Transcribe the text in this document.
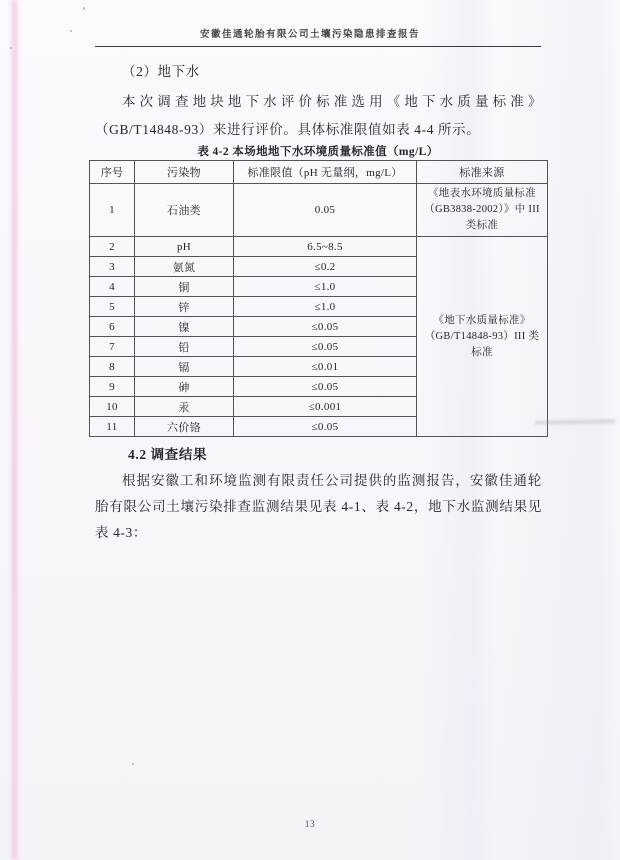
安徽佳通轮胎有限公司土壤污染隐患排查报告
（2）地下水

本次调查地块地下水评价标准选用《地下水质量标准》（GB/T14848-93）来进行评价。具体标准限值如表 4-4 所示。

表 4-2 本场地地下水环境质量标准值（mg/L）
序号	污染物	标准限值（pH 无量纲，mg/L）	标准来源
1	石油类	0.05	《地表水环境质量标准（GB3838-2002）》中 III 类标准
2	pH	6.5~8.5	《地下水质量标准》（GB/T14848-93）III 类标准
3	氨氮	≤0.2	
4	铜	≤1.0	
5	锌	≤1.0	
6	镍	≤0.05	
7	铅	≤0.05	
8	镉	≤0.01	
9	砷	≤0.05	
10	汞	≤0.001	
11	六价铬	≤0.05	
4.2 调查结果

根据安徽工和环境监测有限责任公司提供的监测报告，安徽佳通轮胎有限公司土壤污染排查监测结果见表 4-1、表 4-2，地下水监测结果见表 4-3：

13
